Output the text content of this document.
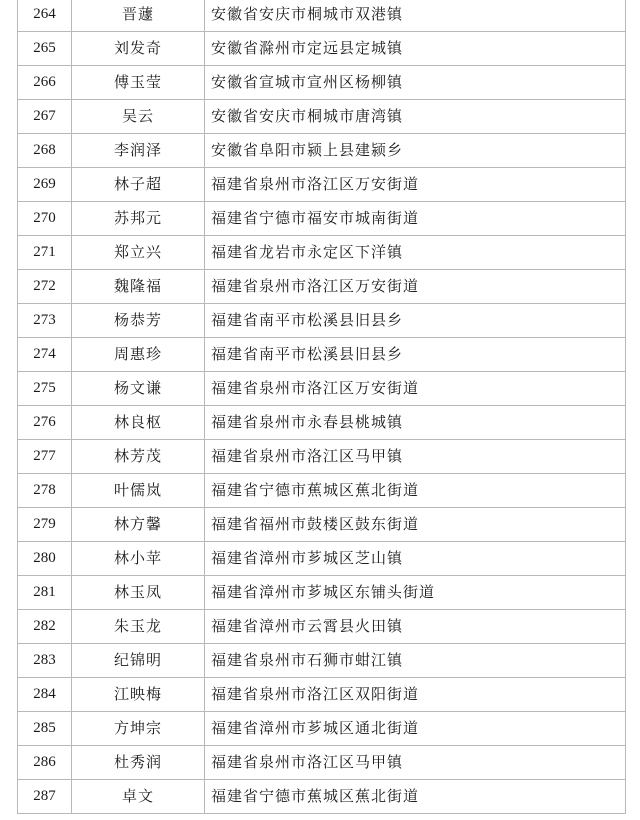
264	晋蘧	安徽省安庆市桐城市双港镇
265	刘发奇	安徽省滁州市定远县定城镇
266	傅玉莹	安徽省宣城市宣州区杨柳镇
267	吴云	安徽省安庆市桐城市唐湾镇
268	李润泽	安徽省阜阳市颍上县建颍乡
269	林子超	福建省泉州市洛江区万安街道
270	苏邦元	福建省宁德市福安市城南街道
271	郑立兴	福建省龙岩市永定区下洋镇
272	魏隆福	福建省泉州市洛江区万安街道
273	杨恭芳	福建省南平市松溪县旧县乡
274	周惠珍	福建省南平市松溪县旧县乡
275	杨文谦	福建省泉州市洛江区万安街道
276	林良枢	福建省泉州市永春县桃城镇
277	林芳茂	福建省泉州市洛江区马甲镇
278	叶儒岚	福建省宁德市蕉城区蕉北街道
279	林方馨	福建省福州市鼓楼区鼓东街道
280	林小苹	福建省漳州市芗城区芝山镇
281	林玉凤	福建省漳州市芗城区东铺头街道
282	朱玉龙	福建省漳州市云霄县火田镇
283	纪锦明	福建省泉州市石狮市蚶江镇
284	江映梅	福建省泉州市洛江区双阳街道
285	方坤宗	福建省漳州市芗城区通北街道
286	杜秀润	福建省泉州市洛江区马甲镇
287	卓文	福建省宁德市蕉城区蕉北街道
